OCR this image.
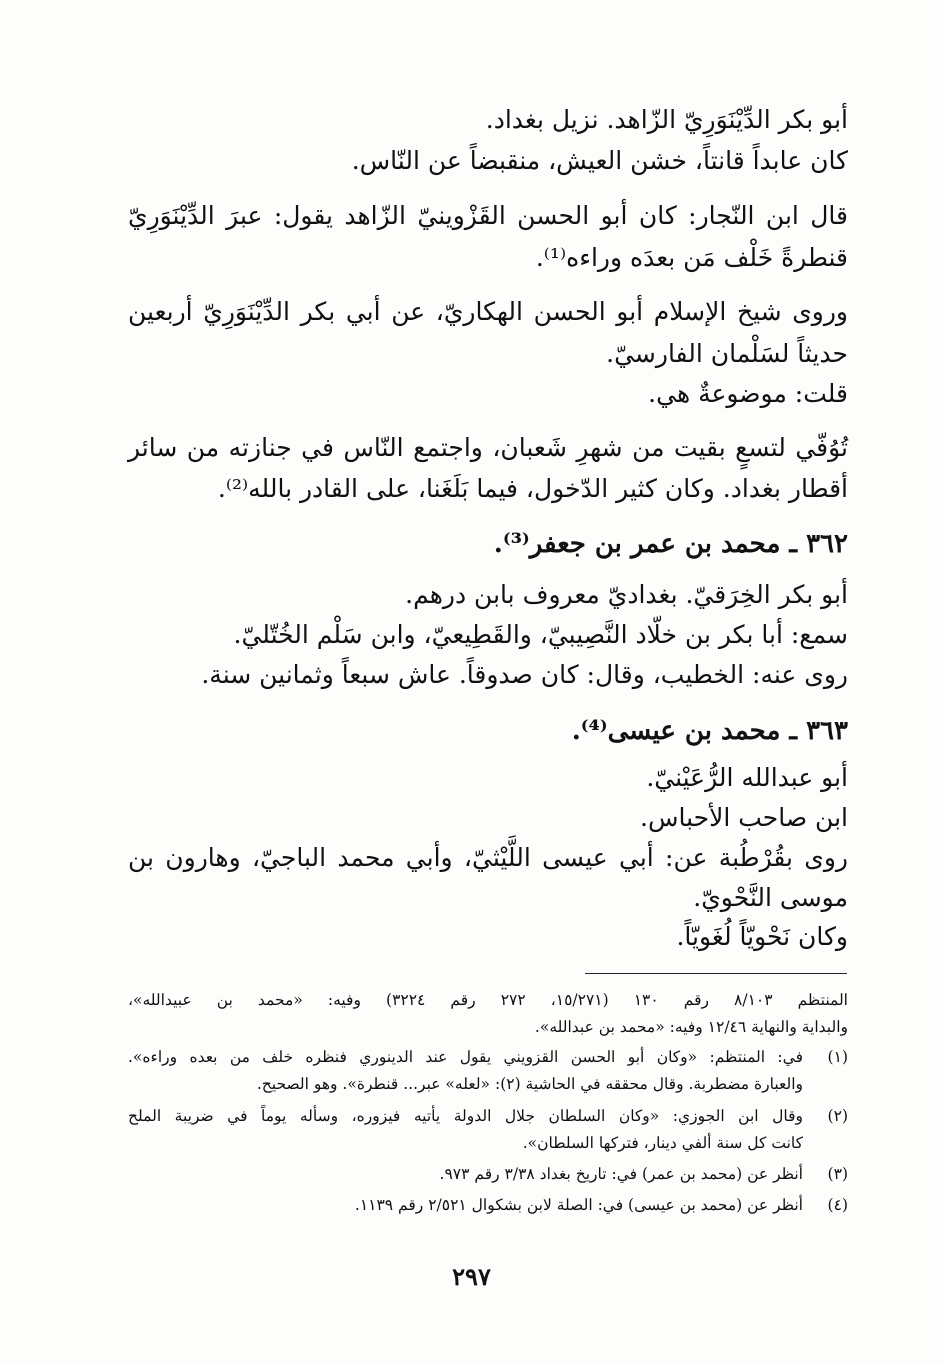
أبو بكر الدِّيْنَوَرِيّ الزّاهد. نزيل بغداد.
كان عابداً قانتاً، خشن العيش، منقبضاً عن النّاس.
قال ابن النّجار: كان أبو الحسن القَزْوينيّ الزّاهد يقول: عبرَ الدِّيْنَوَرِيّ
قنطرةً خَلْف مَن بعدَه وراءه⁽¹⁾.
وروى شيخ الإسلام أبو الحسن الهكاريّ، عن أبي بكر الدِّيْنَوَرِيّ أربعين
حديثاً لسَلْمان الفارسيّ.
قلت: موضوعةٌ هي.
تُوُفّي لتسعٍ بقيت من شهرِ شَعبان، واجتمع النّاس في جنازته من سائر
أقطار بغداد. وكان كثير الدّخول، فيما بَلَغَنا، على القادر بالله⁽²⁾.
٣٦٢ ـ محمد بن عمر بن جعفر⁽³⁾.
أبو بكر الخِرَقيّ. بغداديّ معروف بابن درهم.
سمع: أبا بكر بن خلّاد النَّصِيبيّ، والقَطِيعيّ، وابن سَلْم الخُتّليّ.
روى عنه: الخطيب، وقال: كان صدوقاً. عاش سبعاً وثمانين سنة.
٣٦٣ ـ محمد بن عيسى⁽⁴⁾.
أبو عبدالله الرُّعَيْنيّ.
ابن صاحب الأحباس.
روى بقُرْطُبة عن: أبي عيسى اللَّيْثيّ، وأبي محمد الباجيّ، وهارون بن
موسى النَّحْويّ.
وكان نَحْويّاً لُغَويّاً.
المنتظم ٨/١٠٣ رقم ١٣٠ (١٥/٢٧١، ٢٧٢ رقم ٣٢٢٤) وفيه: «محمد بن عبيدالله»،
والبداية والنهاية ١٢/٤٦ وفيه: «محمد بن عبدالله».
(١)
في: المنتظم: «وكان أبو الحسن القزويني يقول عند الدينوري فنظره خلف من بعده وراءه».
والعبارة مضطربة. وقال محققه في الحاشية (٢): «لعله» عبر... قنطرة». وهو الصحيح.
(٢)
وقال ابن الجوزي: «وكان السلطان جلال الدولة يأتيه فيزوره، وسأله يوماً في ضريبة الملح
كانت كل سنة ألفي دينار، فتركها السلطان».
(٣)
أنظر عن (محمد بن عمر) في: تاريخ بغداد ٣/٣٨ رقم ٩٧٣.
(٤)
أنظر عن (محمد بن عيسى) في: الصلة لابن بشكوال ٢/٥٢١ رقم ١١٣٩.
٢٩٧
